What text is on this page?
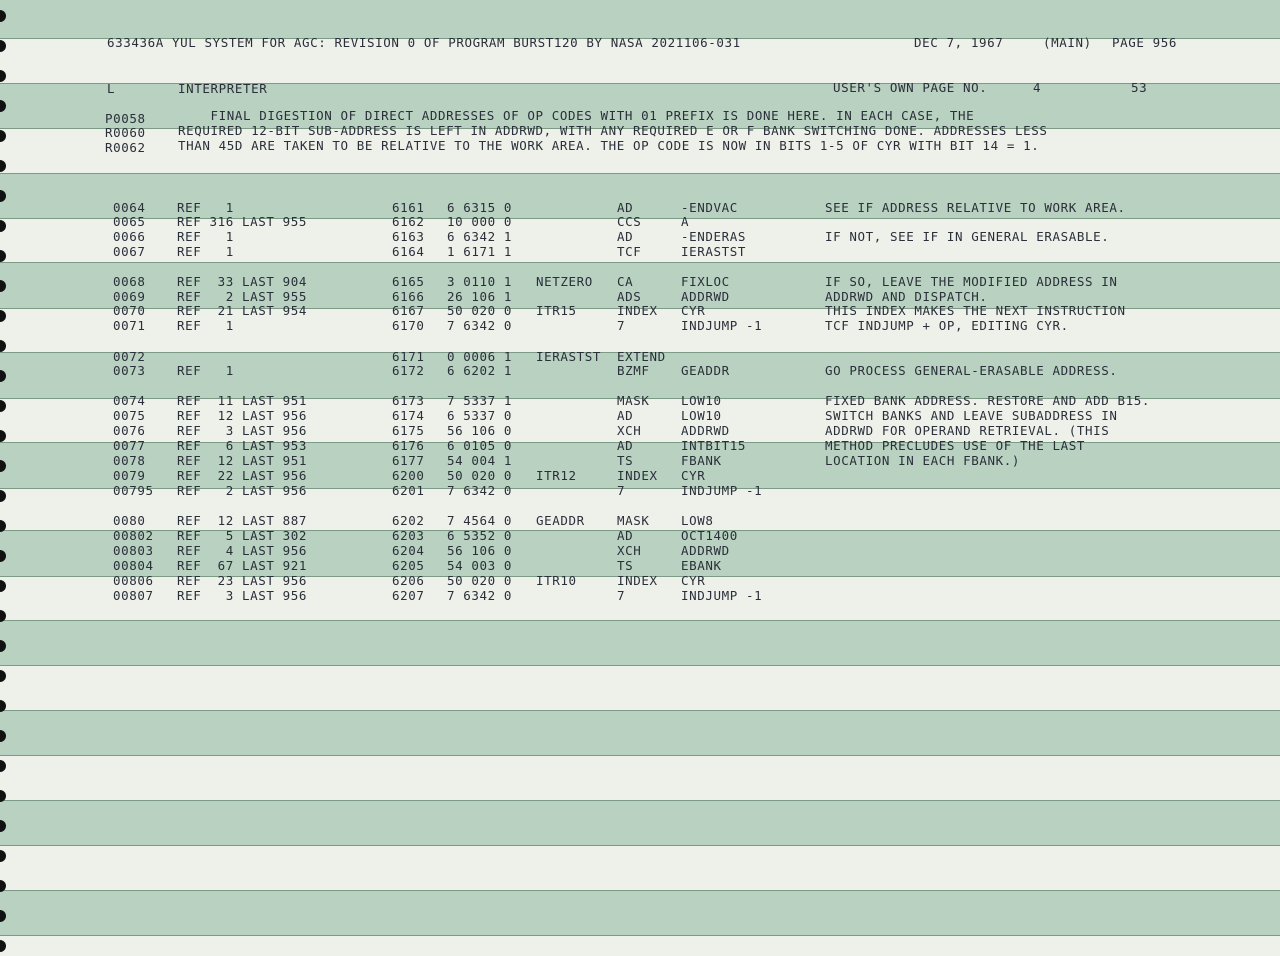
633436A YUL SYSTEM FOR AGC: REVISION 0 OF PROGRAM BURST120 BY NASA 2021106-031	DEC 7, 1967	(MAIN) PAGE 956
L	INTERPRETER	USER'S OWN PAGE NO.	4	53
P0058	FINAL DIGESTION OF DIRECT ADDRESSES OF OP CODES WITH 01 PREFIX IS DONE HERE. IN EACH CASE, THE
R0060	REQUIRED 12-BIT SUB-ADDRESS IS LEFT IN ADDRWD, WITH ANY REQUIRED E OR F BANK SWITCHING DONE. ADDRESSES LESS
R0062	THAN 45D ARE TAKEN TO BE RELATIVE TO THE WORK AREA. THE OP CODE IS NOW IN BITS 1-5 OF CYR WITH BIT 14 = 1.
0064	REF   1	6161 6 6315 0	AD	-ENDVAC	SEE IF ADDRESS RELATIVE TO WORK AREA.
0065	REF 316 LAST 955	6162 10 000 0	CCS	A
0066	REF   1	6163 6 6342 1	AD	-ENDERAS	IF NOT, SEE IF IN GENERAL ERASABLE.
0067	REF   1	6164 1 6171 1	TCF	IERASTST
0068	REF  33 LAST 904	6165 3 0110 1 NETZERO CA	FIXLOC	IF SO, LEAVE THE MODIFIED ADDRESS IN
0069	REF   2 LAST 955	6166 26 106 1	ADS	ADDRWD	ADDRWD AND DISPATCH.
0070	REF  21 LAST 954	6167 50 020 0 ITR15	INDEX CYR	THIS INDEX MAKES THE NEXT INSTRUCTION
0071	REF   1	6170 7 6342 0	7	INDJUMP -1	TCF INDJUMP + OP, EDITING CYR.
0072	6171 0 0006 1 IERASTST EXTEND
0073	REF   1	6172 6 6202 1	BZMF	GEADDR	GO PROCESS GENERAL-ERASABLE ADDRESS.
0074	REF  11 LAST 951	6173 7 5337 1	MASK	LOW10	FIXED BANK ADDRESS. RESTORE AND ADD B15.
0075	REF  12 LAST 956	6174 6 5337 0	AD	LOW10	SWITCH BANKS AND LEAVE SUBADDRESS IN
0076	REF   3 LAST 956	6175 56 106 0	XCH	ADDRWD	ADDRWD FOR OPERAND RETRIEVAL. (THIS
0077	REF   6 LAST 953	6176 6 0105 0	AD	INTBIT15	METHOD PRECLUDES USE OF THE LAST
0078	REF  12 LAST 951	6177 54 004 1	TS	FBANK	LOCATION IN EACH FBANK.)
0079	REF  22 LAST 956	6200 50 020 0 ITR12	INDEX CYR
00795 REF   2 LAST 956	6201 7 6342 0	7	INDJUMP -1
0080	REF  12 LAST 887	6202 7 4564 0 GEADDR	MASK	LOW8
00802 REF   5 LAST 302	6203 6 5352 0	AD	OCT1400
00803 REF   4 LAST 956	6204 56 106 0	XCH	ADDRWD
00804 REF  67 LAST 921	6205 54 003 0	TS	EBANK
00806 REF  23 LAST 956	6206 50 020 0 ITR10	INDEX CYR
00807 REF   3 LAST 956	6207 7 6342 0	7	INDJUMP -1
